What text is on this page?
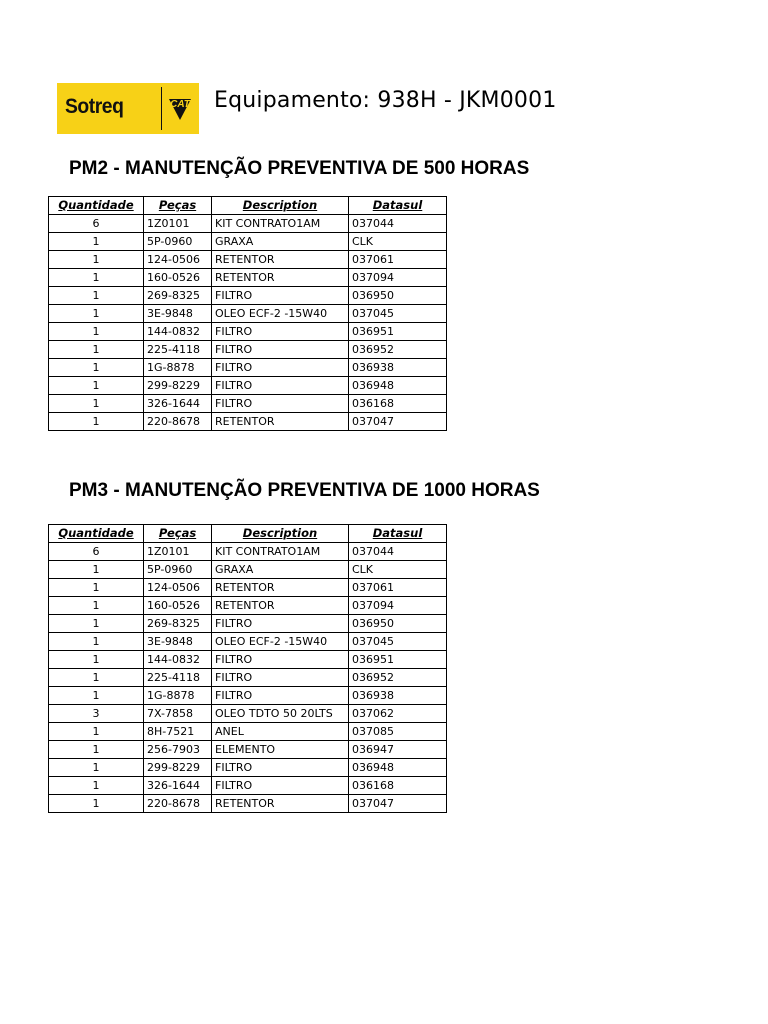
Sotreq	CAT Equipamento: 938H - JKM0001
PM2 - MANUTENÇÃO PREVENTIVA DE 500 HORAS
Quantidade	Peças	Description	Datasul
6	1Z0101	KIT CONTRATO1AM	037044
1	5P-0960	GRAXA	CLK
1	124-0506	RETENTOR	037061
1	160-0526	RETENTOR	037094
1	269-8325	FILTRO	036950
1	3E-9848	OLEO ECF-2 -15W40	037045
1	144-0832	FILTRO	036951
1	225-4118	FILTRO	036952
1	1G-8878	FILTRO	036938
1	299-8229	FILTRO	036948
1	326-1644	FILTRO	036168
1	220-8678	RETENTOR	037047
PM3 - MANUTENÇÃO PREVENTIVA DE 1000 HORAS
Quantidade	Peças	Description	Datasul
6	1Z0101	KIT CONTRATO1AM	037044
1	5P-0960	GRAXA	CLK
1	124-0506	RETENTOR	037061
1	160-0526	RETENTOR	037094
1	269-8325	FILTRO	036950
1	3E-9848	OLEO ECF-2 -15W40	037045
1	144-0832	FILTRO	036951
1	225-4118	FILTRO	036952
1	1G-8878	FILTRO	036938
3	7X-7858	OLEO TDTO 50 20LTS	037062
1	8H-7521	ANEL	037085
1	256-7903	ELEMENTO	036947
1	299-8229	FILTRO	036948
1	326-1644	FILTRO	036168
1	220-8678	RETENTOR	037047
